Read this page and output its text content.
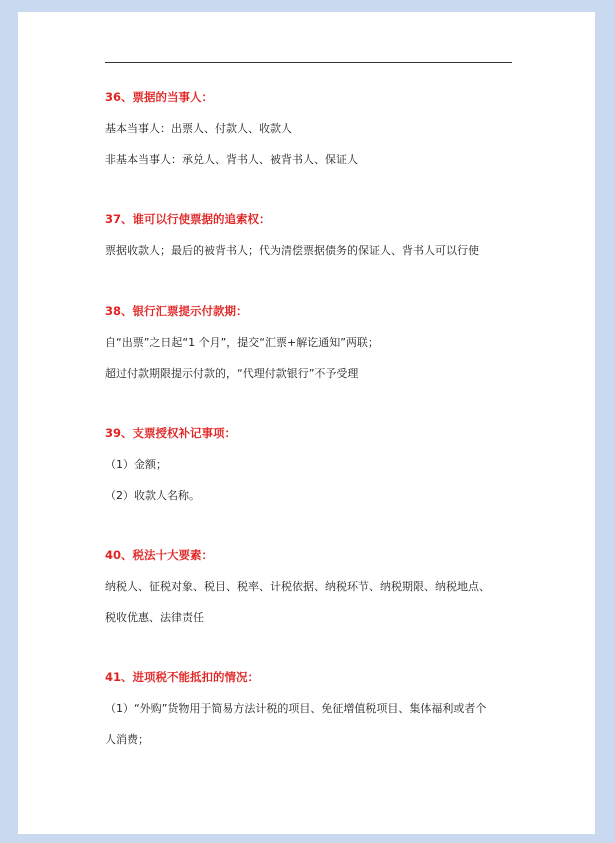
36、票据的当事人：
基本当事人：出票人、付款人、收款人
非基本当事人：承兑人、背书人、被背书人、保证人
37、谁可以行使票据的追索权：
票据收款人；最后的被背书人；代为清偿票据债务的保证人、背书人可以行使
38、银行汇票提示付款期：
自“出票”之日起“1 个月”，提交“汇票+解讫通知”两联；
超过付款期限提示付款的，“代理付款银行”不予受理
39、支票授权补记事项：
（1）金额；
（2）收款人名称。
40、税法十大要素：
纳税人、征税对象、税目、税率、计税依据、纳税环节、纳税期限、纳税地点、
税收优惠、法律责任
41、进项税不能抵扣的情况：
（1）“外购”货物用于简易方法计税的项目、免征增值税项目、集体福利或者个
人消费；
